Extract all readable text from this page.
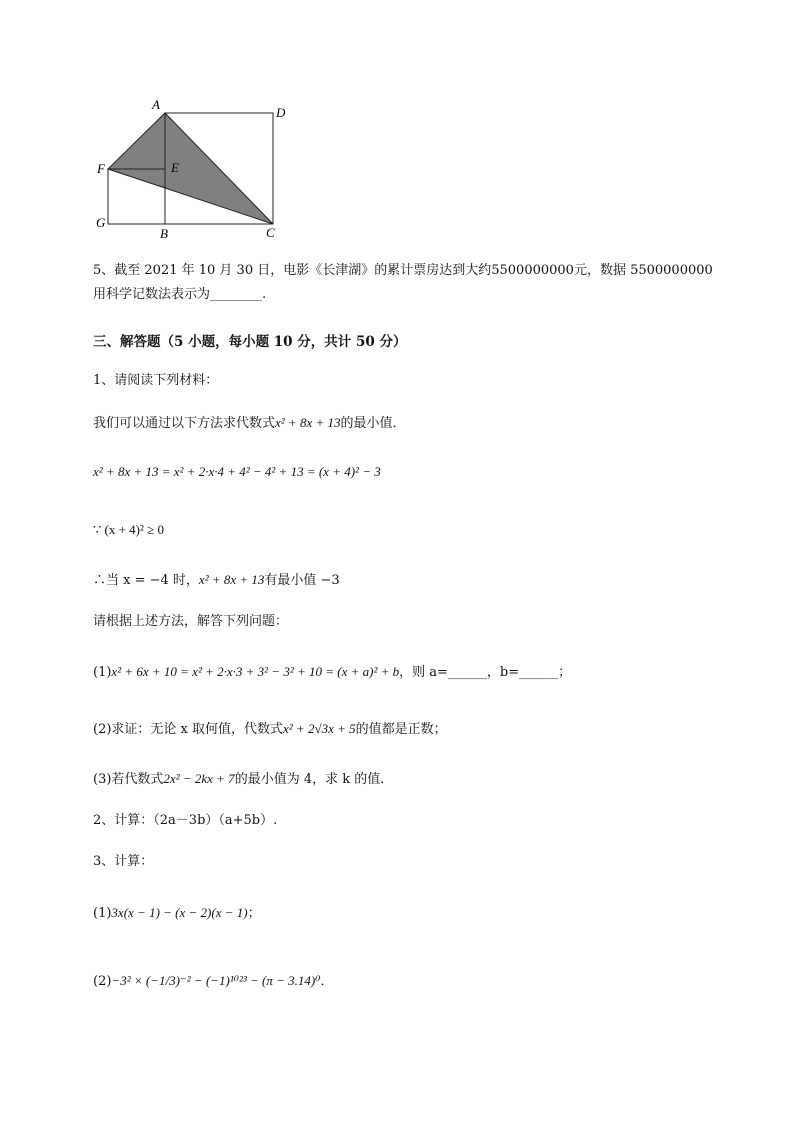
A
D
F	E
G
B	C
5、截至 2021 年 10 月 30 日，电影《长津湖》的累计票房达到大约5500000000元，数据 5500000000
用科学记数法表示为________.
三、解答题（5 小题，每小题 10 分，共计 50 分）
1、请阅读下列材料：
我们可以通过以下方法求代数式x² + 8x + 13的最小值．
x² + 8x + 13 = x² + 2·x·4 + 4² − 4² + 13 = (x + 4)² − 3
∵ (x + 4)² ≥ 0
∴当 x = −4 时，x² + 8x + 13有最小值 −3
请根据上述方法，解答下列问题：
(1)x² + 6x + 10 = x² + 2·x·3 + 3² − 3² + 10 = (x + a)² + b，则 a=______，b=______；
(2)求证：无论 x 取何值，代数式x² + 2√3x + 5的值都是正数；
(3)若代数式2x² − 2kx + 7的最小值为 4，求 k 的值．
2、计算：（2a－3b）（a+5b）.
3、计算：
(1)3x(x − 1) − (x − 2)(x − 1)；
(2)−3² × (−1/3)⁻² − (−1)¹⁰²³ − (π − 3.14)⁰．
